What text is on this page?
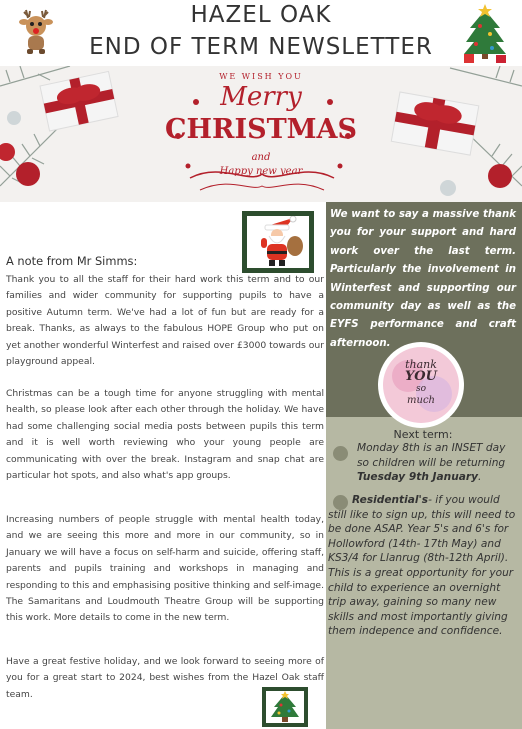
HAZEL OAK
END OF TERM NEWSLETTER
WE WISH YOU
Merry
CHRISTMAS
and
Happy new year
We want to say a massive thank you for your support and hard work over the last term. Particularly the involvement in Winterfest and supporting our community day as well as the EYFS performance and craft afternoon.
thank
YOU
so
much
Next term:
Monday 8th is an INSET day so children will be returning Tuesday 9th January.
Residential's- if you would still like to sign up, this will need to be done ASAP. Year 5's and 6's for Hollowford (14th- 17th May) and KS3/4 for Llanrug (8th-12th April). This is a great opportunity for your child to experience an overnight trip away, gaining so many new skills and most importantly giving them indepence and confidence.
A note from Mr Simms:
Thank you to all the staff for their hard work this term and to our families and wider community for supporting pupils to have a positive Autumn term. We've had a lot of fun but are ready for a break. Thanks, as always to the fabulous HOPE Group who put on yet another wonderful Winterfest and raised over £3000 towards our playground appeal.
Christmas can be a tough time for anyone struggling with mental health, so please look after each other through the holiday. We have had some challenging social media posts between pupils this term and it is well worth reviewing who your young people are communicating with over the break. Instagram and snap chat are particular hot spots, and also what's app groups.
Increasing numbers of people struggle with mental health today, and we are seeing this more and more in our community, so in January we will have a focus on self-harm and suicide, offering staff, parents and pupils training and workshops in managing and responding to this and emphasising positive thinking and self-image. The Samaritans and Loudmouth Theatre Group will be supporting this work. More details to come in the new term.
Have a great festive holiday, and we look forward to seeing more of you for a great start to 2024, best wishes from the Hazel Oak staff team.
